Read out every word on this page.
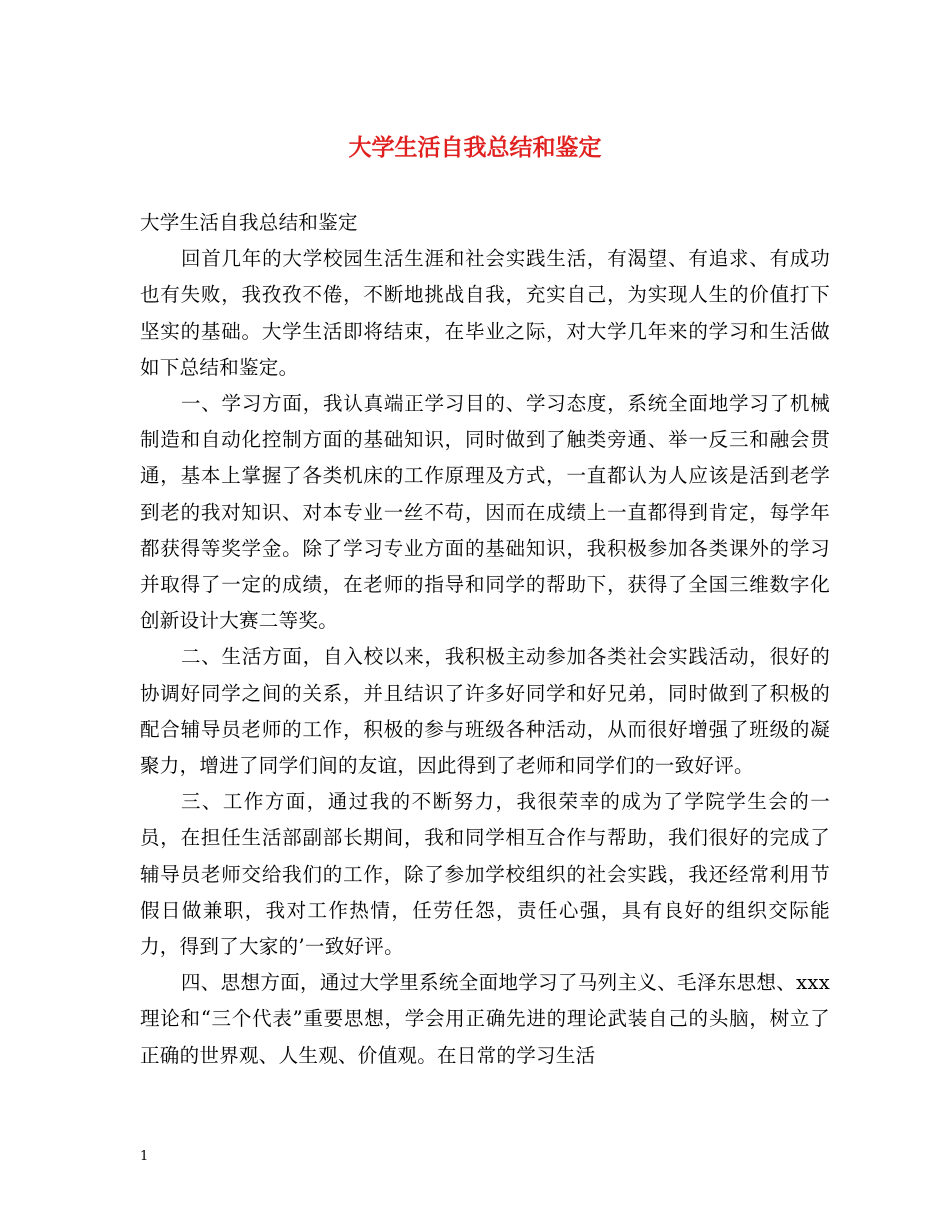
大学生活自我总结和鉴定

大学生活自我总结和鉴定

回首几年的大学校园生活生涯和社会实践生活，有渴望、有追求、有成功也有失败，我孜孜不倦，不断地挑战自我，充实自己，为实现人生的价值打下坚实的基础。大学生活即将结束，在毕业之际，对大学几年来的学习和生活做如下总结和鉴定。

一、学习方面，我认真端正学习目的、学习态度，系统全面地学习了机械制造和自动化控制方面的基础知识，同时做到了触类旁通、举一反三和融会贯通，基本上掌握了各类机床的工作原理及方式，一直都认为人应该是活到老学到老的我对知识、对本专业一丝不苟，因而在成绩上一直都得到肯定，每学年都获得等奖学金。除了学习专业方面的基础知识，我积极参加各类课外的学习并取得了一定的成绩，在老师的指导和同学的帮助下，获得了全国三维数字化创新设计大赛二等奖。

二、生活方面，自入校以来，我积极主动参加各类社会实践活动，很好的协调好同学之间的关系，并且结识了许多好同学和好兄弟，同时做到了积极的配合辅导员老师的工作，积极的参与班级各种活动，从而很好增强了班级的凝聚力，增进了同学们间的友谊，因此得到了老师和同学们的一致好评。

三、工作方面，通过我的不断努力，我很荣幸的成为了学院学生会的一员，在担任生活部副部长期间，我和同学相互合作与帮助，我们很好的完成了辅导员老师交给我们的工作，除了参加学校组织的社会实践，我还经常利用节假日做兼职，我对工作热情，任劳任怨，责任心强，具有良好的组织交际能力，得到了大家的’一致好评。

四、思想方面，通过大学里系统全面地学习了马列主义、毛泽东思想、xxx理论和“三个代表”重要思想，学会用正确先进的理论武装自己的头脑，树立了正确的世界观、人生观、价值观。在日常的学习生活

1
